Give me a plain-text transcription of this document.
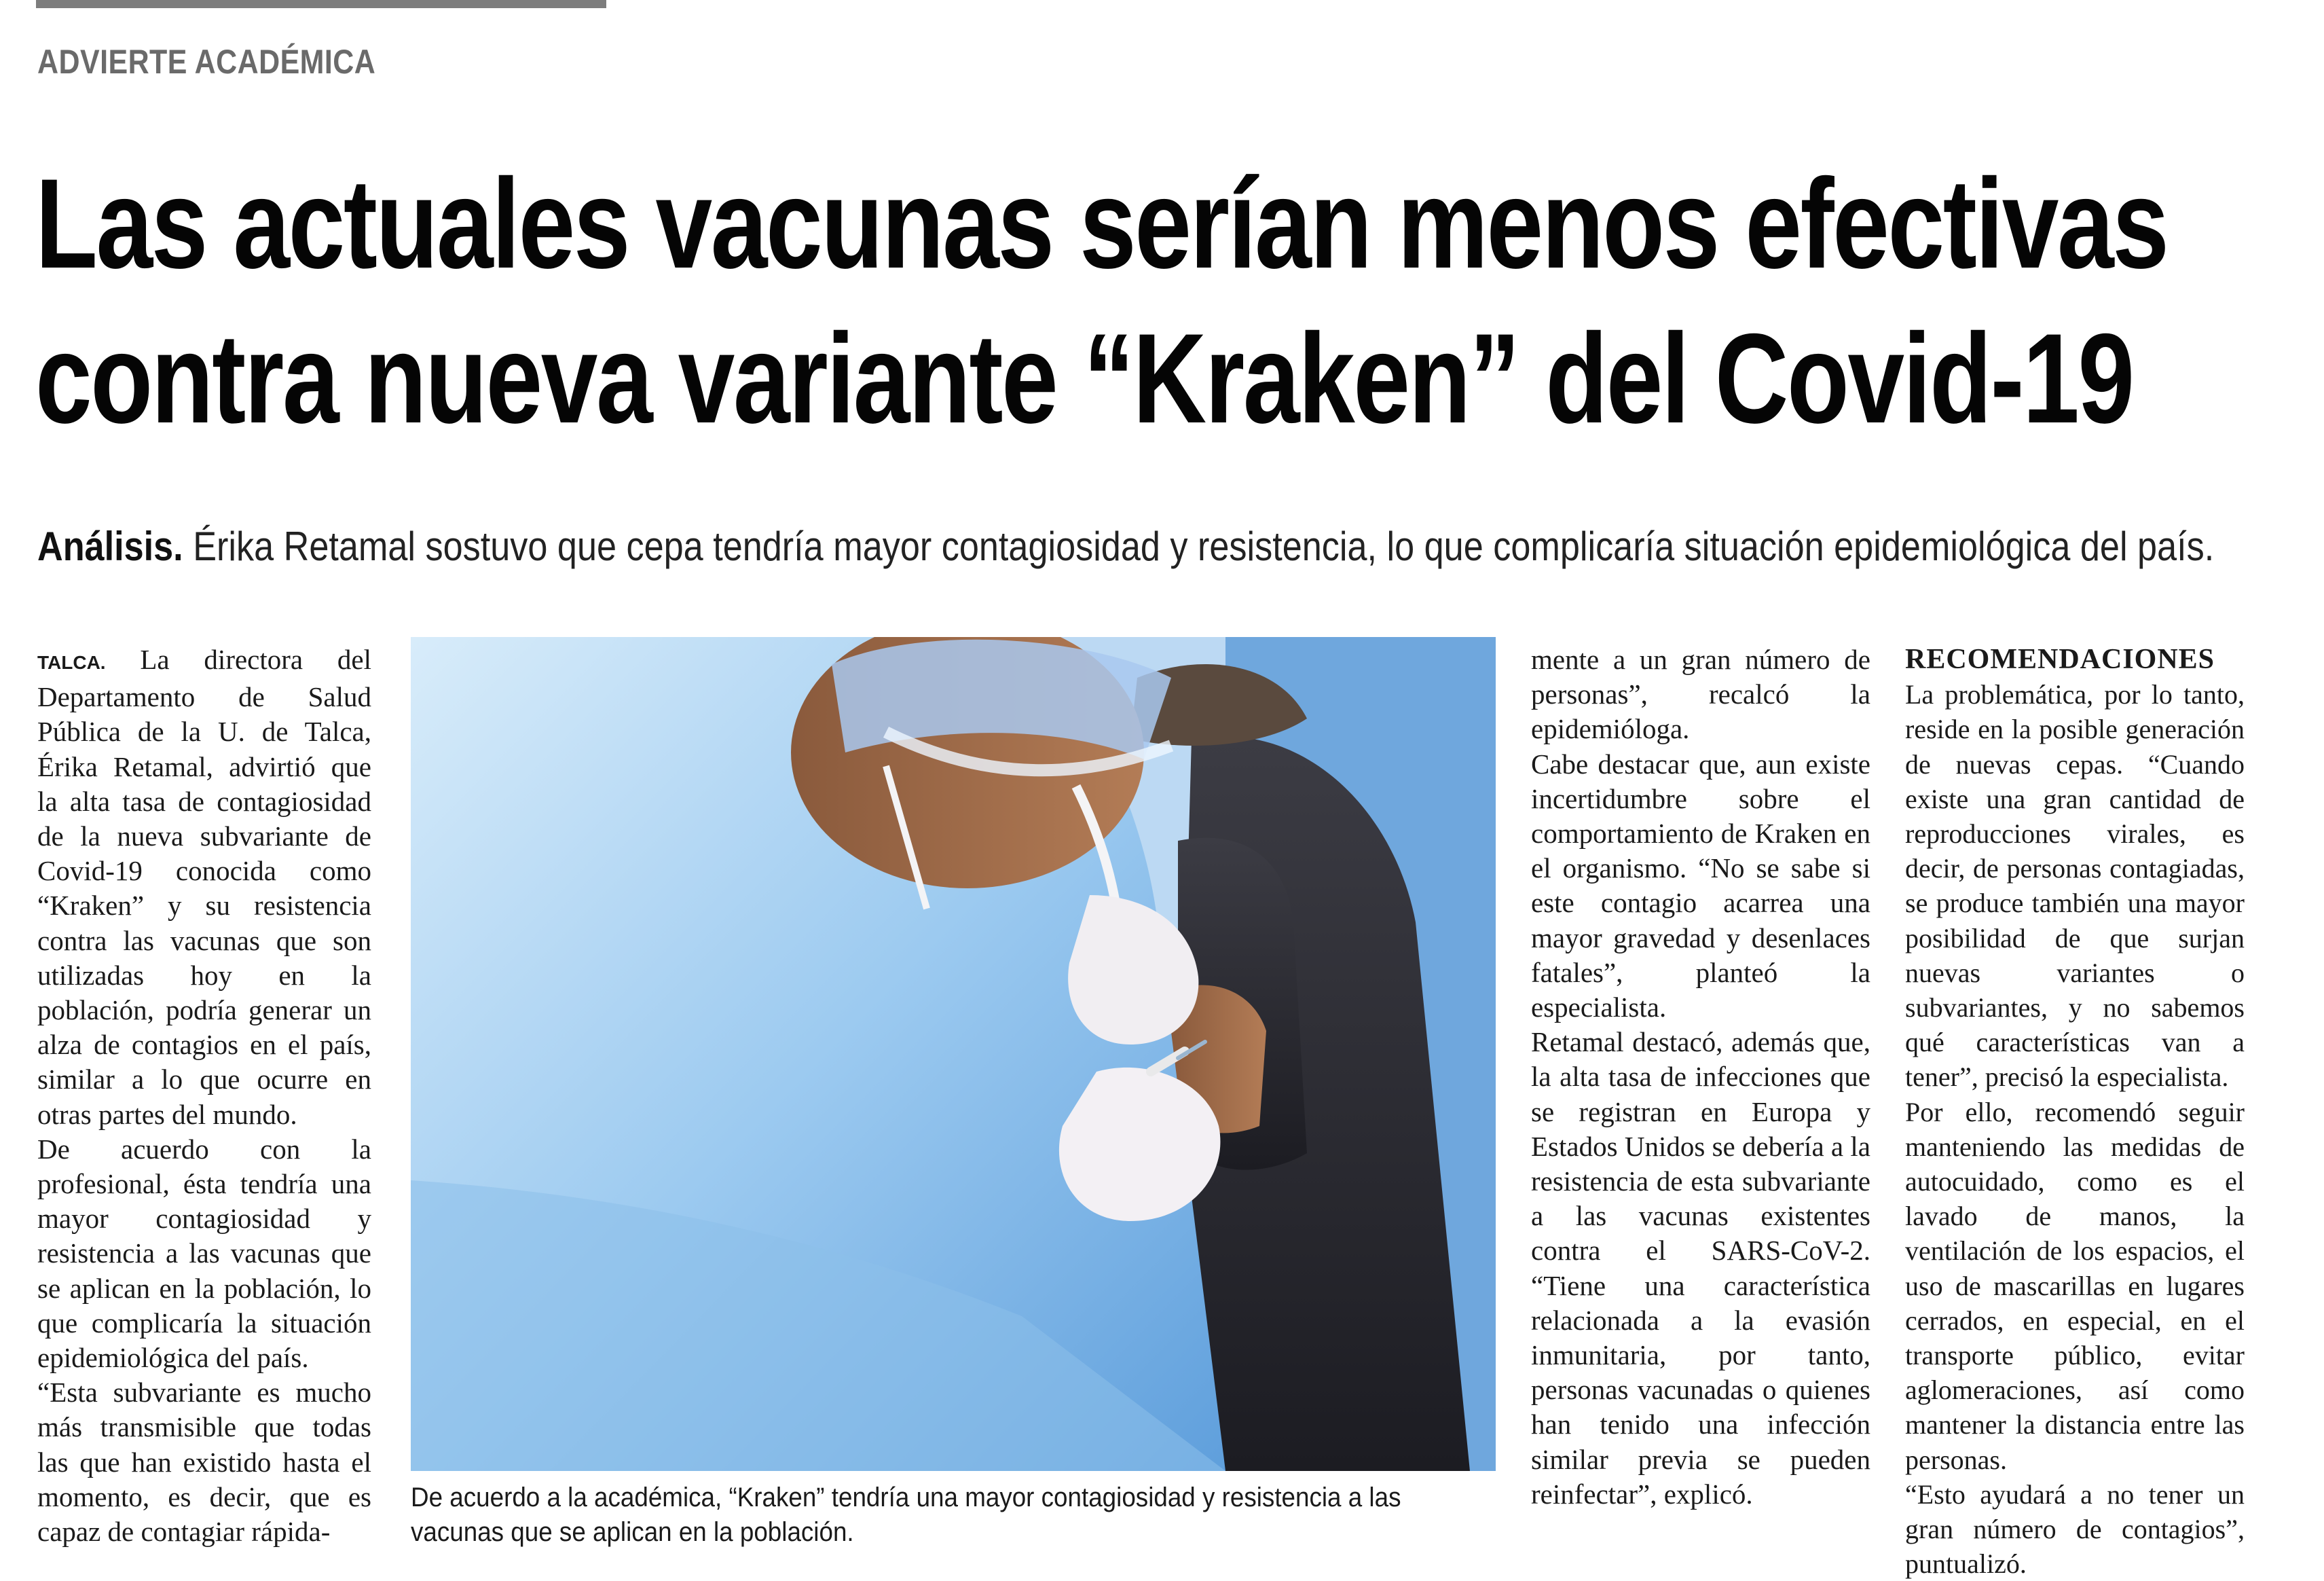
ADVIERTE ACADÉMICA
Las actuales vacunas serían menos efectivas
contra nueva variante “Kraken” del Covid-19
Análisis. Érika Retamal sostuvo que cepa tendría mayor contagiosidad y resistencia, lo que complicaría situación epidemiológica del país.

TALCA. La directora del Departamento de Salud Pública de la U. de Talca, Érika Retamal, advirtió que la alta tasa de contagiosidad de la nueva subvariante de Covid-19 conocida como “Kraken” y su resistencia contra las vacunas que son utilizadas hoy en la población, podría generar un alza de contagios en el país, similar a lo que ocurre en otras partes del mundo.

De acuerdo con la profesional, ésta tendría una mayor contagiosidad y resistencia a las vacunas que se aplican en la población, lo que complicaría la situación epidemiológica del país.

“Esta subvariante es mucho más transmisible que todas las que han existido hasta el momento, es decir, que es capaz de contagiar rápida-

De acuerdo a la académica, “Kraken” tendría una mayor contagiosidad y resistencia a las vacunas que se aplican en la población.

mente a un gran número de personas”, recalcó la epidemióloga.

Cabe destacar que, aun existe incertidumbre sobre el comportamiento de Kraken en el organismo. “No se sabe si este contagio acarrea una mayor gravedad y desenlaces fatales”, planteó la especialista.

Retamal destacó, además que, la alta tasa de infecciones que se registran en Europa y Estados Unidos se debería a la resistencia de esta subvariante a las vacunas existentes contra el SARS-CoV-2. “Tiene una característica relacionada a la evasión inmunitaria, por tanto, personas vacunadas o quienes han tenido una infección similar previa se pueden reinfectar”, explicó.

RECOMENDACIONES

La problemática, por lo tanto, reside en la posible generación de nuevas cepas. “Cuando existe una gran cantidad de reproducciones virales, es decir, de personas contagiadas, se produce también una mayor posibilidad de que surjan nuevas variantes o subvariantes, y no sabemos qué características van a tener”, precisó la especialista.

Por ello, recomendó seguir manteniendo las medidas de autocuidado, como es el lavado de manos, la ventilación de los espacios, el uso de mascarillas en lugares cerrados, en especial, en el transporte público, evitar aglomeraciones, así como mantener la distancia entre las personas.

“Esto ayudará a no tener un gran número de contagios”, puntualizó.
